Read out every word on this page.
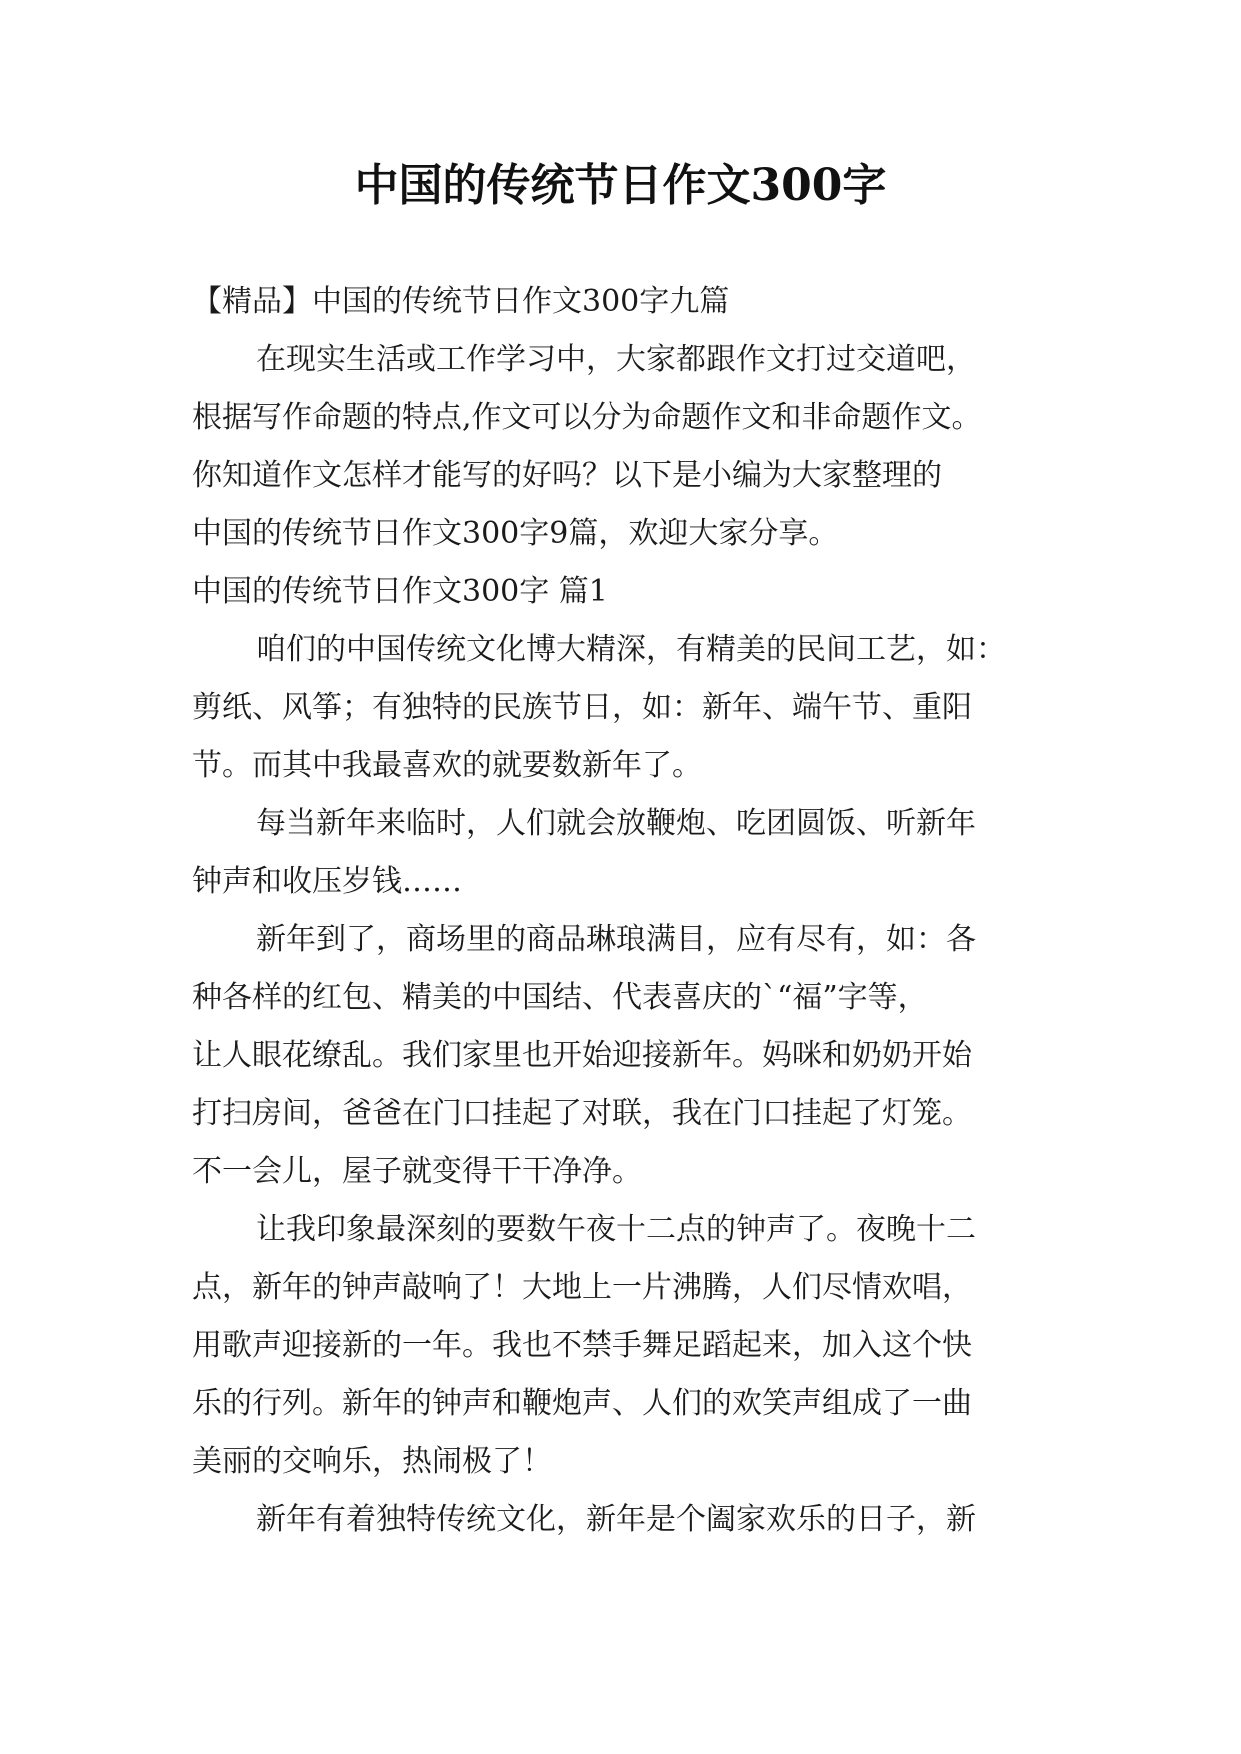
中国的传统节日作文300字
【精品】中国的传统节日作文300字九篇
在现实生活或工作学习中，大家都跟作文打过交道吧，
根据写作命题的特点,作文可以分为命题作文和非命题作文。
你知道作文怎样才能写的好吗？以下是小编为大家整理的
中国的传统节日作文300字9篇，欢迎大家分享。
中国的传统节日作文300字 篇1
咱们的中国传统文化博大精深，有精美的民间工艺，如：
剪纸、风筝；有独特的民族节日，如：新年、端午节、重阳
节。而其中我最喜欢的就要数新年了。
每当新年来临时，人们就会放鞭炮、吃团圆饭、听新年
钟声和收压岁钱……
新年到了，商场里的商品琳琅满目，应有尽有，如：各
种各样的红包、精美的中国结、代表喜庆的`“福”字等，
让人眼花缭乱。我们家里也开始迎接新年。妈咪和奶奶开始
打扫房间，爸爸在门口挂起了对联，我在门口挂起了灯笼。
不一会儿，屋子就变得干干净净。
让我印象最深刻的要数午夜十二点的钟声了。夜晚十二
点，新年的钟声敲响了！大地上一片沸腾，人们尽情欢唱，
用歌声迎接新的一年。我也不禁手舞足蹈起来，加入这个快
乐的行列。新年的钟声和鞭炮声、人们的欢笑声组成了一曲
美丽的交响乐，热闹极了！
新年有着独特传统文化，新年是个阖家欢乐的日子，新
